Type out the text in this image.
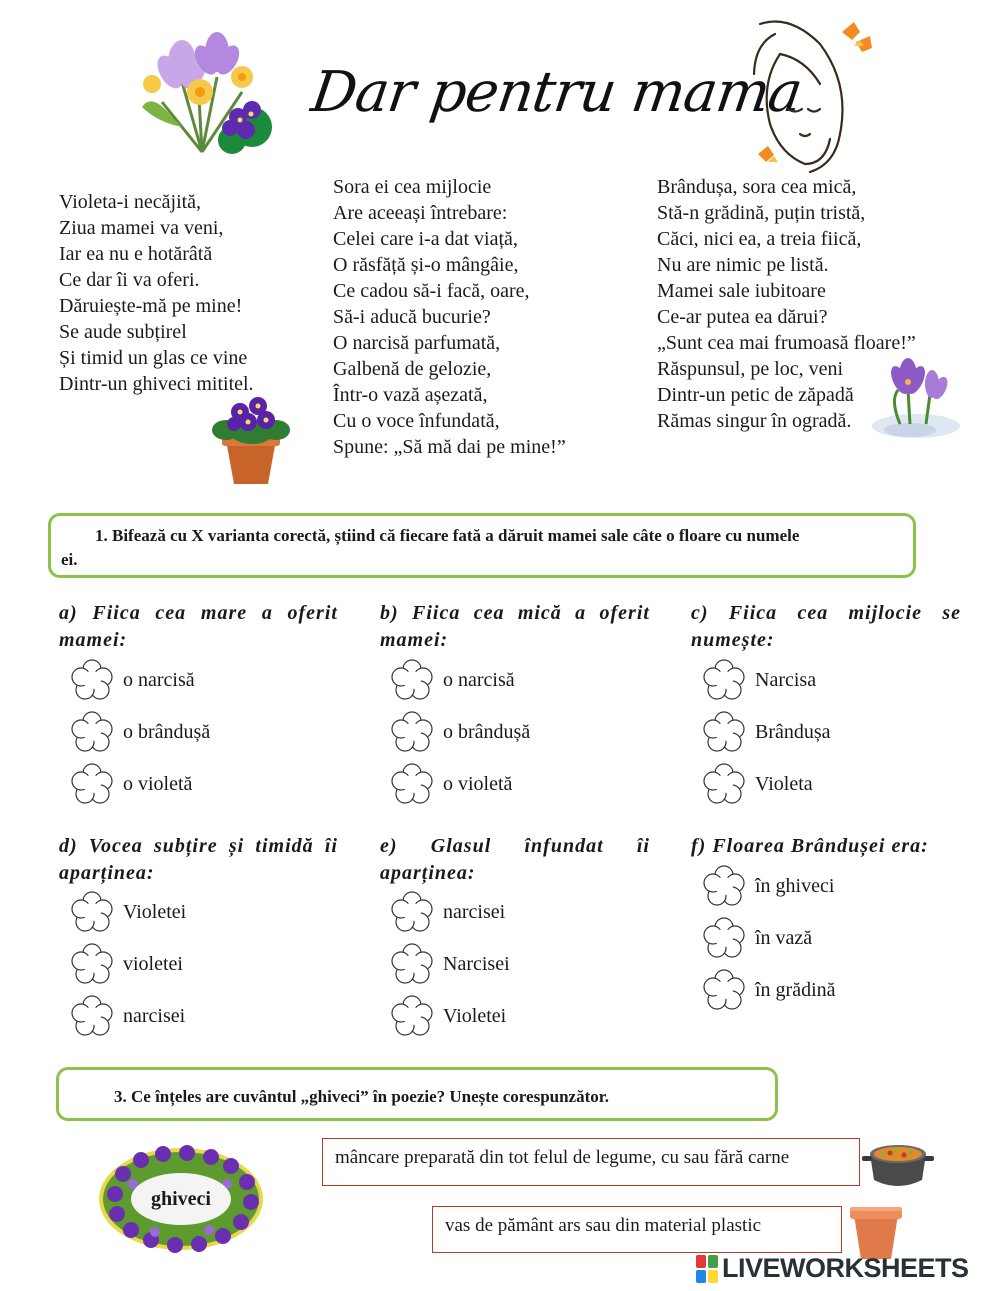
Dar pentru mama
Violeta-i necăjită,
Ziua mamei va veni,
Iar ea nu e hotărâtă
Ce dar îi va oferi.
Dăruiește-mă pe mine!
Se aude subțirel
Și timid un glas ce vine
Dintr-un ghiveci mititel.
Sora ei cea mijlocie
Are aceeași întrebare:
Celei care i-a dat viață,
O răsfăță și-o mângâie,
Ce cadou să-i facă, oare,
Să-i aducă bucurie?
O narcisă parfumată,
Galbenă de gelozie,
Într-o vază așezată,
Cu o voce înfundată,
Spune: „Să mă dai pe mine!”
Brândușa, sora cea mică,
Stă-n grădină, puțin tristă,
Căci, nici ea, a treia fiică,
Nu are nimic pe listă.
Mamei sale iubitoare
Ce-ar putea ea dărui?
„Sunt cea mai frumoasă floare!”
Răspunsul, pe loc, veni
Dintr-un petic de zăpadă
Rămas singur în ogradă.
1. Bifează cu X varianta corectă, știind că fiecare fată a dăruit mamei sale câte o floare cu numele
ei.
a) Fiica cea mare a oferit
mamei:
o narcisă
o brândușă
o violetă
b) Fiica cea mică a oferit
mamei:
o narcisă
o brândușă
o violetă
c) Fiica cea mijlocie se
numește:
Narcisa
Brândușa
Violeta
d) Vocea subțire și timidă îi
aparținea:
Violetei
violetei
narcisei
e) Glasul înfundat îi
aparținea:
narcisei
Narcisei
Violetei
f) Floarea Brândușei era:
în ghiveci
în vază
în grădină
3. Ce înțeles are cuvântul „ghiveci” în poezie? Unește corespunzător.
ghiveci
mâncare preparată din tot felul de legume, cu sau fără carne
vas de pământ ars sau din material plastic
LIVEWORKSHEETS
